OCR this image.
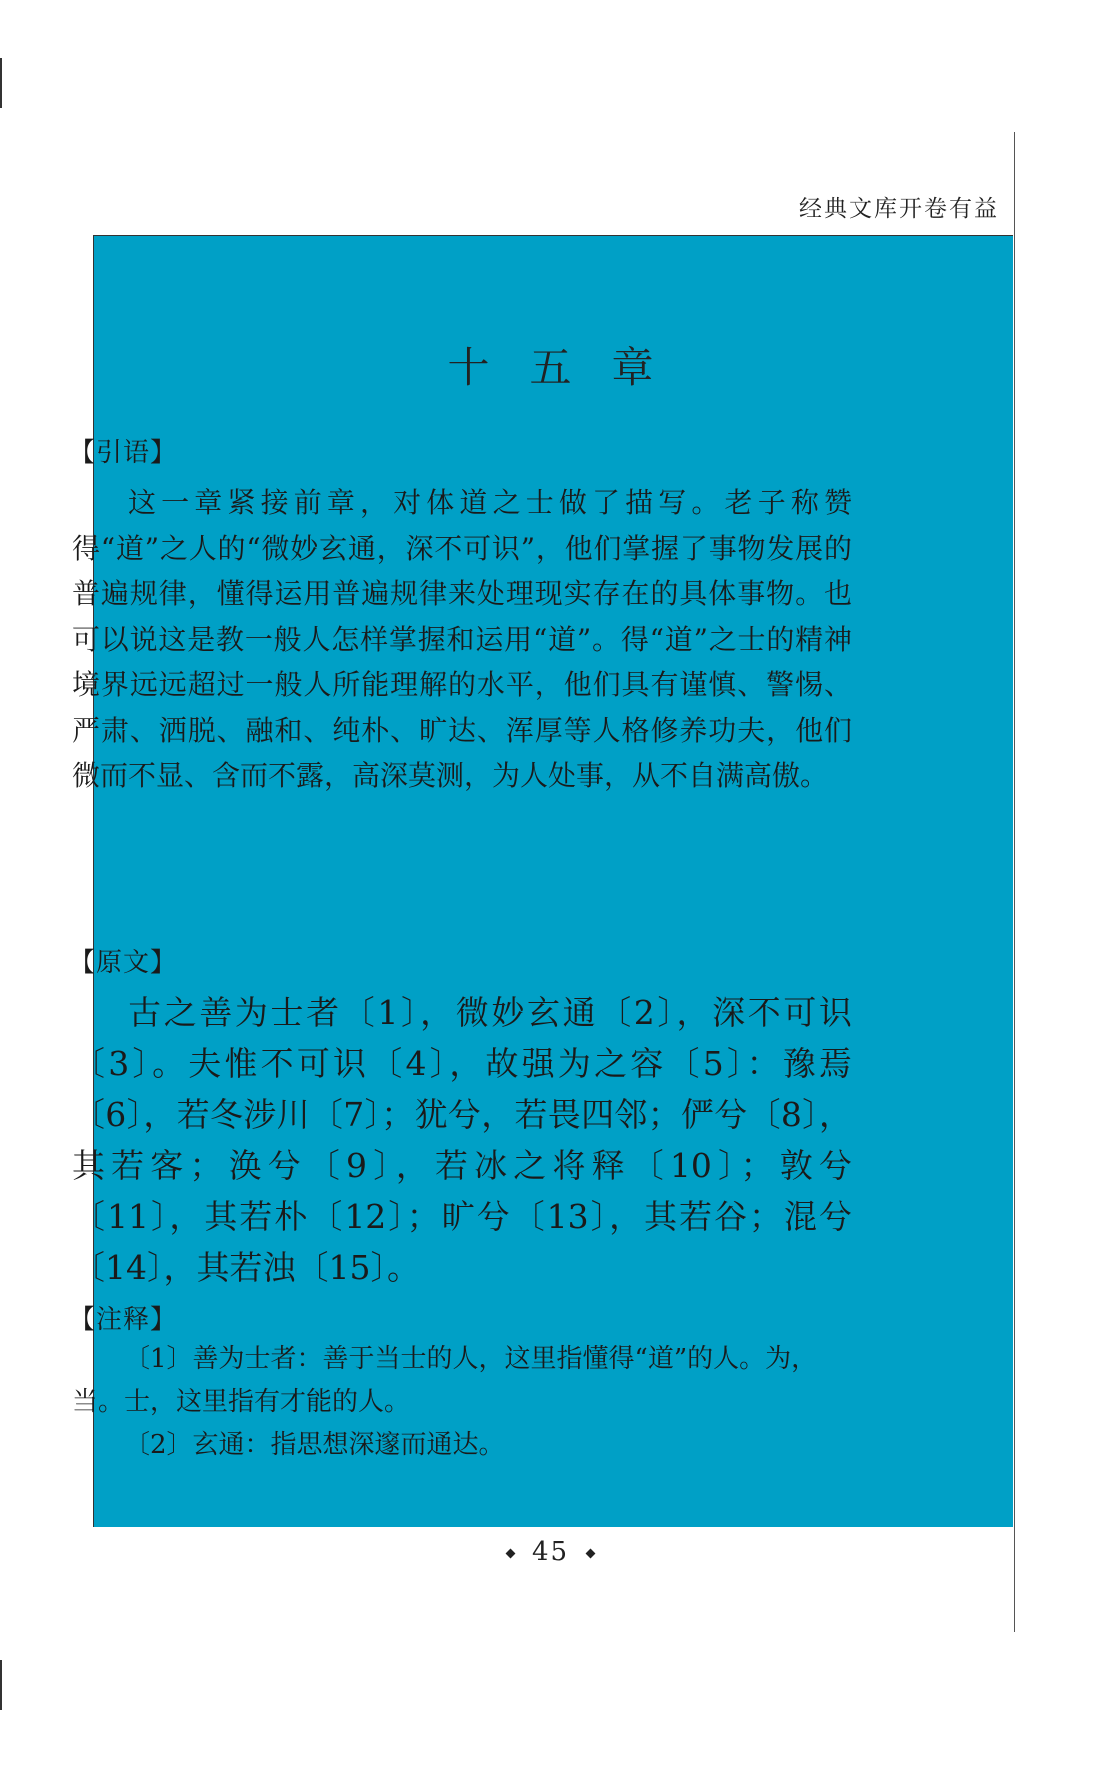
经典文库开卷有益
十五章
【引语】

这一章紧接前章，对体道之士做了描写。老子称赞得“道”之人的“微妙玄通，深不可识”，他们掌握了事物发展的普遍规律，懂得运用普遍规律来处理现实存在的具体事物。也可以说这是教一般人怎样掌握和运用“道”。得“道”之士的精神境界远远超过一般人所能理解的水平，他们具有谨慎、警惕、严肃、洒脱、融和、纯朴、旷达、浑厚等人格修养功夫，他们微而不显、含而不露，高深莫测，为人处事，从不自满高傲。

【原文】

古之善为士者〔1〕，微妙玄通〔2〕，深不可识〔3〕。夫惟不可识〔4〕，故强为之容〔5〕：豫焉〔6〕，若冬涉川〔7〕；犹兮，若畏四邻；俨兮〔8〕，其若客；涣兮〔9〕，若冰之将释〔10〕；敦兮〔11〕，其若朴〔12〕；旷兮〔13〕，其若谷；混兮〔14〕，其若浊〔15〕。

【注释】

〔1〕善为士者：善于当士的人，这里指懂得“道”的人。为，当。士，这里指有才能的人。

〔2〕玄通：指思想深邃而通达。

45
